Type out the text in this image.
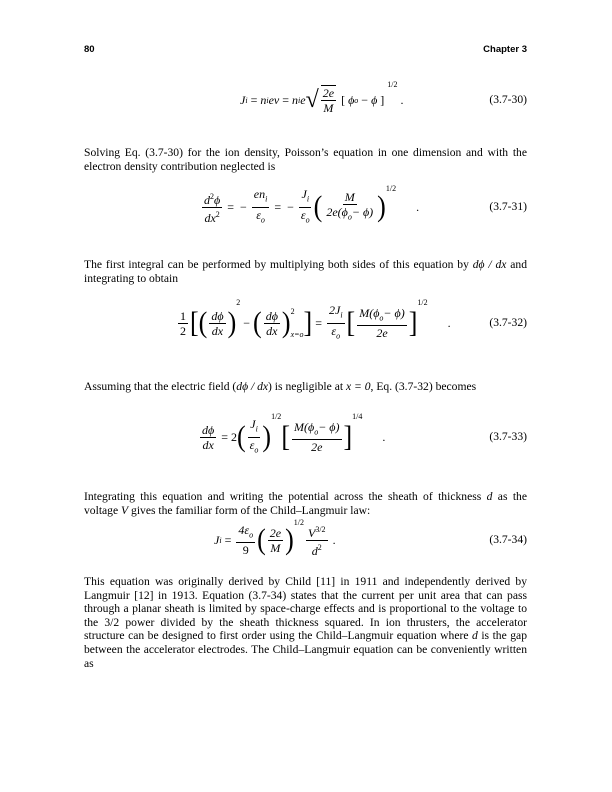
80	Chapter 3
J i = n i ev = n i e √ $\frac{2e}{M}$ [ ϕ o − ϕ ]
1/2
.	(3.7-30)
Solving Eq. (3.7-30) for the ion density, Poisson’s equation in one dimension and with the electron density contribution neglected is
$\frac{d^2\phi}{dx^2}$ = − $\frac{en_i}{\varepsilon_o}$ = − $\frac{J_i}{\varepsilon_o}$ ( $\frac{M}{2e(\phi_o- \phi)}$ )
1/2
.	(3.7-31)
The first integral can be performed by multiplying both sides of this equation by dϕ / dx and integrating to obtain
$\frac{1}{2}$ [ ( $\frac{d\phi}{dx}$ )
2
− ( $\frac{d\phi}{dx}$ ) 2
x=o ] = $\frac{2J_i}{\varepsilon_o}$ [ $\frac{M(\phi_o- \phi)}{2e}$ ]
1/2
.	(3.7-32)
Assuming that the electric field (dϕ / dx) is negligible at x = 0, Eq. (3.7-32) becomes
$\frac{d\phi}{dx} = 2$ ( $\frac{J_i}{\varepsilon_o}$ )
1/2
[ $\frac{M(\phi_o- \phi)}{2e}$ ]
1/4
.	(3.7-33)
Integrating this equation and writing the potential across the sheath of thickness d as the voltage V gives the familiar form of the Child–Langmuir law:
J $i = \frac{4\varepsilon_o}{9}$ ( $\frac{2e}{M}$ )
$1/2 \frac{V^{3/2}}{d^2}$ .	(3.7-34)
This equation was originally derived by Child [11] in 1911 and independently derived by Langmuir [12] in 1913. Equation (3.7-34) states that the current per unit area that can pass through a planar sheath is limited by space-charge effects and is proportional to the voltage to the 3/2 power divided by the sheath thickness squared. In ion thrusters, the accelerator structure can be designed to first order using the Child–Langmuir equation where d is the gap between the accelerator electrodes. The Child–Langmuir equation can be conveniently written as
